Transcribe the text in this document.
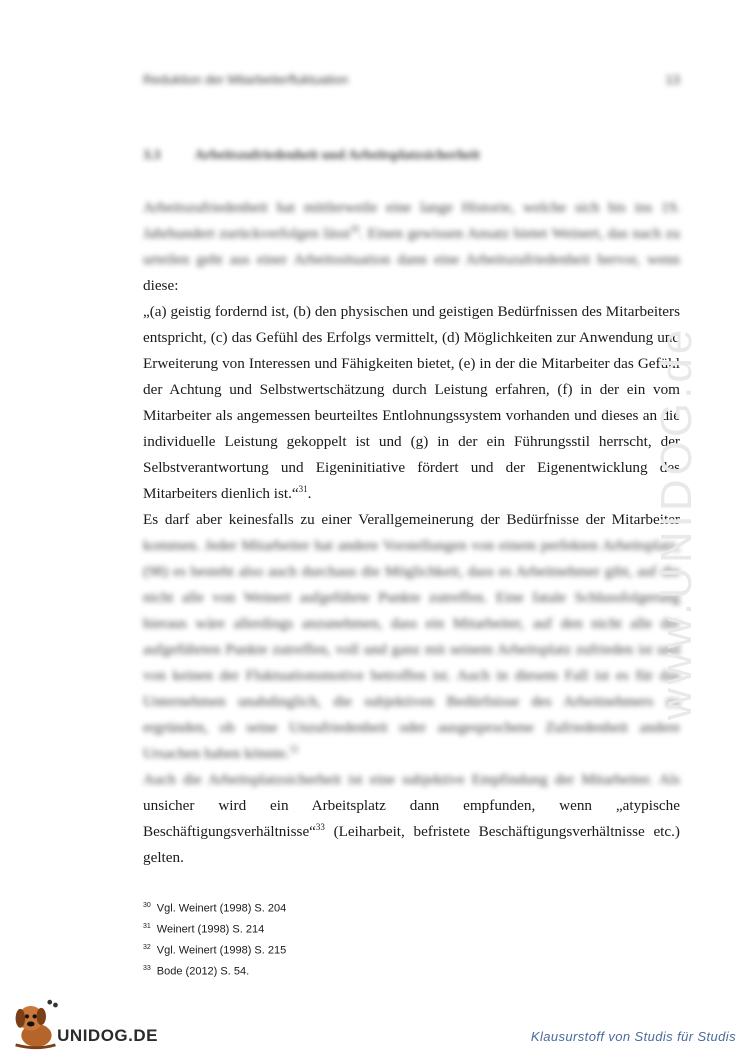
Reduktion der Mitarbeiterfluktuation	13
3.3 Arbeitszufriedenheit und Arbeitsplatzsicherheit

Arbeitszufriedenheit hat mittlerweile eine lange Historie, welche sich bis ins 19. Jahrhundert zurückverfolgen lässt$^{30}$. Einen gewissen Ansatz bietet Weinert, das nach zu urteilen geht aus einer Arbeitssituation dann eine Arbeitszufriedenheit hervor, wenn diese:

„(a) geistig fordernd ist, (b) den physischen und geistigen Bedürfnissen des Mitarbeiters entspricht, (c) das Gefühl des Erfolgs vermittelt, (d) Möglichkeiten zur Anwendung und Erweiterung von Interessen und Fähigkeiten bietet, (e) in der die Mitarbeiter das Gefühl der Achtung und Selbstwertschätzung durch Leistung erfahren, (f) in der ein vom Mitarbeiter als angemessen beurteiltes Entlohnungssystem vorhanden und dieses an die individuelle Leistung gekoppelt ist und (g) in der ein Führungsstil herrscht, der Selbstverantwortung und Eigeninitiative fördert und der Eigenentwicklung des Mitarbeiters dienlich ist.“$^{31}$.

Es darf aber keinesfalls zu einer Verallgemeinerung der Bedürfnisse der Mitarbeiter kommen. Jeder Mitarbeiter hat andere Vorstellungen von einem perfekten Arbeitsplatz, (98) es besteht also auch durchaus die Möglichkeit, dass es Arbeitnehmer gibt, auf die nicht alle von Weinert aufgeführte Punkte zutreffen. Eine fatale Schlussfolgerung hieraus wäre allerdings anzunehmen, dass ein Mitarbeiter, auf den nicht alle der aufgeführten Punkte zutreffen, voll und ganz mit seinem Arbeitsplatz zufrieden ist und von keinen der Fluktuationsmotive betroffen ist. Auch in diesem Fall ist es für das Unternehmen unabdinglich, die subjektiven Bedürfnisse des Arbeitnehmers zu ergründen, ob seine Unzufriedenheit oder ausgesprochene Zufriedenheit andere Ursachen haben könnte.$^{32}$

Auch die Arbeitsplatzsicherheit ist eine subjektive Empfindung der Mitarbeiter. Als unsicher wird ein Arbeitsplatz dann empfunden, wenn „atypische Beschäftigungsverhältnisse“$^{33}$ (Leiharbeit, befristete Beschäftigungsverhältnisse etc.) gelten.

www.UNIDOG.de
$^{30}$ Vgl. Weinert (1998) S. 204
$^{31}$ Weinert (1998) S. 214
$^{32}$ Vgl. Weinert (1998) S. 215
$^{33}$ Bode (2012) S. 54.
UNIDOG.DE	Klausurstoff von Studis für Studis
